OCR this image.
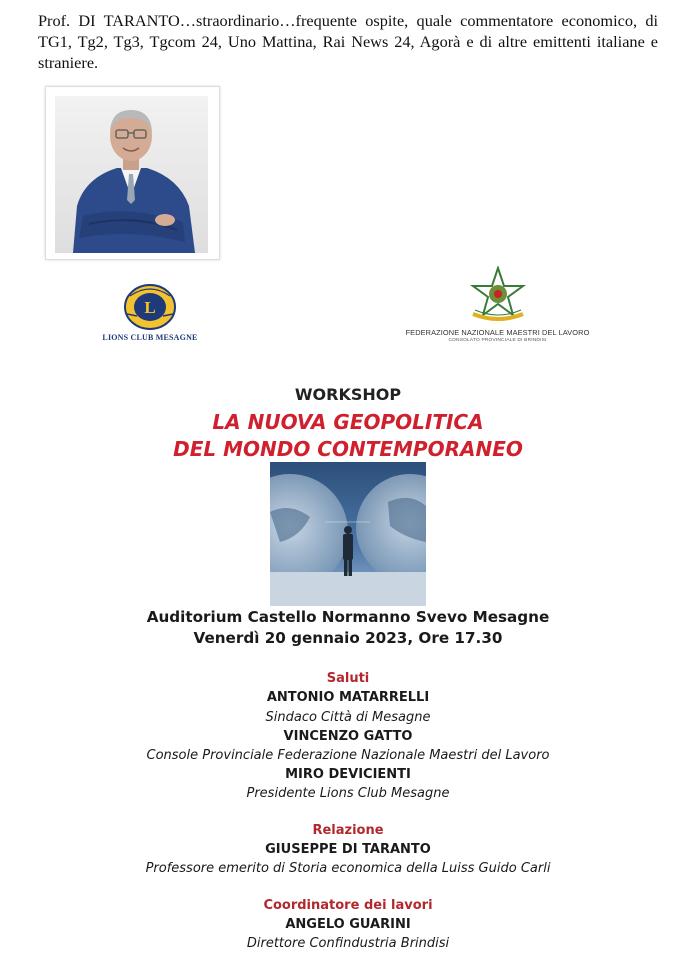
Prof. DI TARANTO…straordinario…frequente ospite, quale commentatore economico, di TG1, Tg2, Tg3, Tgcom 24, Uno Mattina, Rai News 24, Agorà e di altre emittenti italiane e straniere.
L
LIONS CLUB MESAGNE
FEDERAZIONE NAZIONALE MAESTRI DEL LAVORO
CONSOLATO PROVINCIALE DI BRINDISI
WORKSHOP
LA NUOVA GEOPOLITICA
DEL MONDO CONTEMPORANEO
Auditorium Castello Normanno Svevo Mesagne
Venerdì 20 gennaio 2023, Ore 17.30
Saluti
ANTONIO MATARRELLI
Sindaco Città di Mesagne
VINCENZO GATTO
Console Provinciale Federazione Nazionale Maestri del Lavoro
MIRO DEVICIENTI
Presidente Lions Club Mesagne
Relazione
GIUSEPPE DI TARANTO
Professore emerito di Storia economica della Luiss Guido Carli
Coordinatore dei lavori
ANGELO GUARINI
Direttore Confindustria Brindisi
